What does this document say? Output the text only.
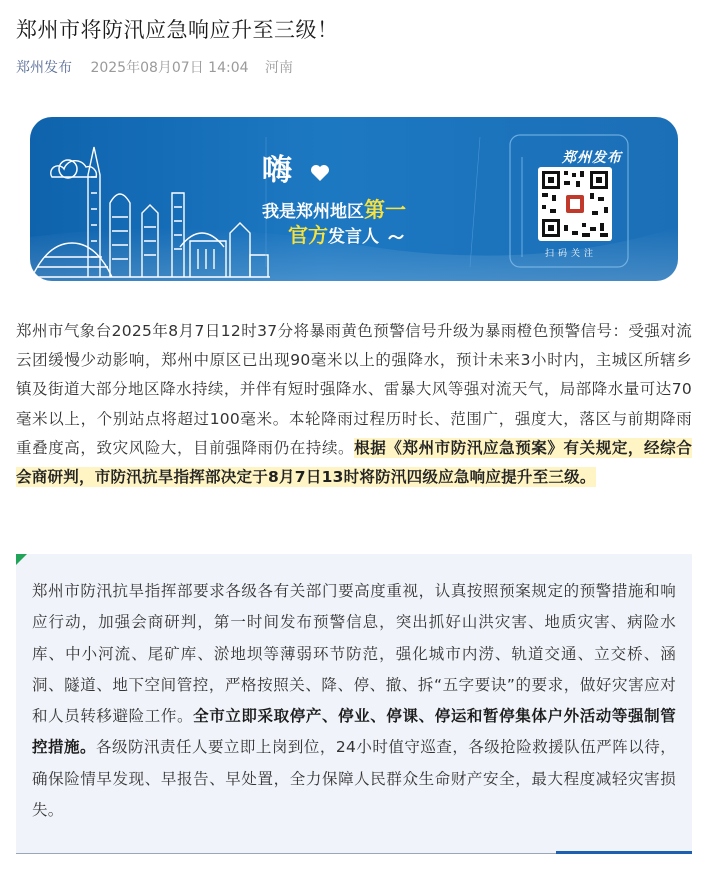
郑州市将防汛应急响应升至三级！
郑州发布 2025年08月07日 14:04 河南
嗨
我是郑州地区第一
官方发言人
郑州发布
扫码关注

郑州市气象台2025年8月7日12时37分将暴雨黄色预警信号升级为暴雨橙色预警信号：受强对流云团缓慢少动影响，郑州中原区已出现90毫米以上的强降水，预计未来3小时内，主城区所辖乡镇及街道大部分地区降水持续，并伴有短时强降水、雷暴大风等强对流天气，局部降水量可达70毫米以上，个别站点将超过100毫米。本轮降雨过程历时长、范围广，强度大，落区与前期降雨重叠度高，致灾风险大，目前强降雨仍在持续。根据《郑州市防汛应急预案》有关规定，经综合会商研判，市防汛抗旱指挥部决定于8月7日13时将防汛四级应急响应提升至三级。

郑州市防汛抗旱指挥部要求各级各有关部门要高度重视，认真按照预案规定的预警措施和响应行动，加强会商研判，第一时间发布预警信息，突出抓好山洪灾害、地质灾害、病险水库、中小河流、尾矿库、淤地坝等薄弱环节防范，强化城市内涝、轨道交通、立交桥、涵洞、隧道、地下空间管控，严格按照关、降、停、撤、拆“五字要诀”的要求，做好灾害应对和人员转移避险工作。全市立即采取停产、停业、停课、停运和暂停集体户外活动等强制管控措施。各级防汛责任人要立即上岗到位，24小时值守巡查，各级抢险救援队伍严阵以待，确保险情早发现、早报告、早处置，全力保障人民群众生命财产安全，最大程度减轻灾害损失。
